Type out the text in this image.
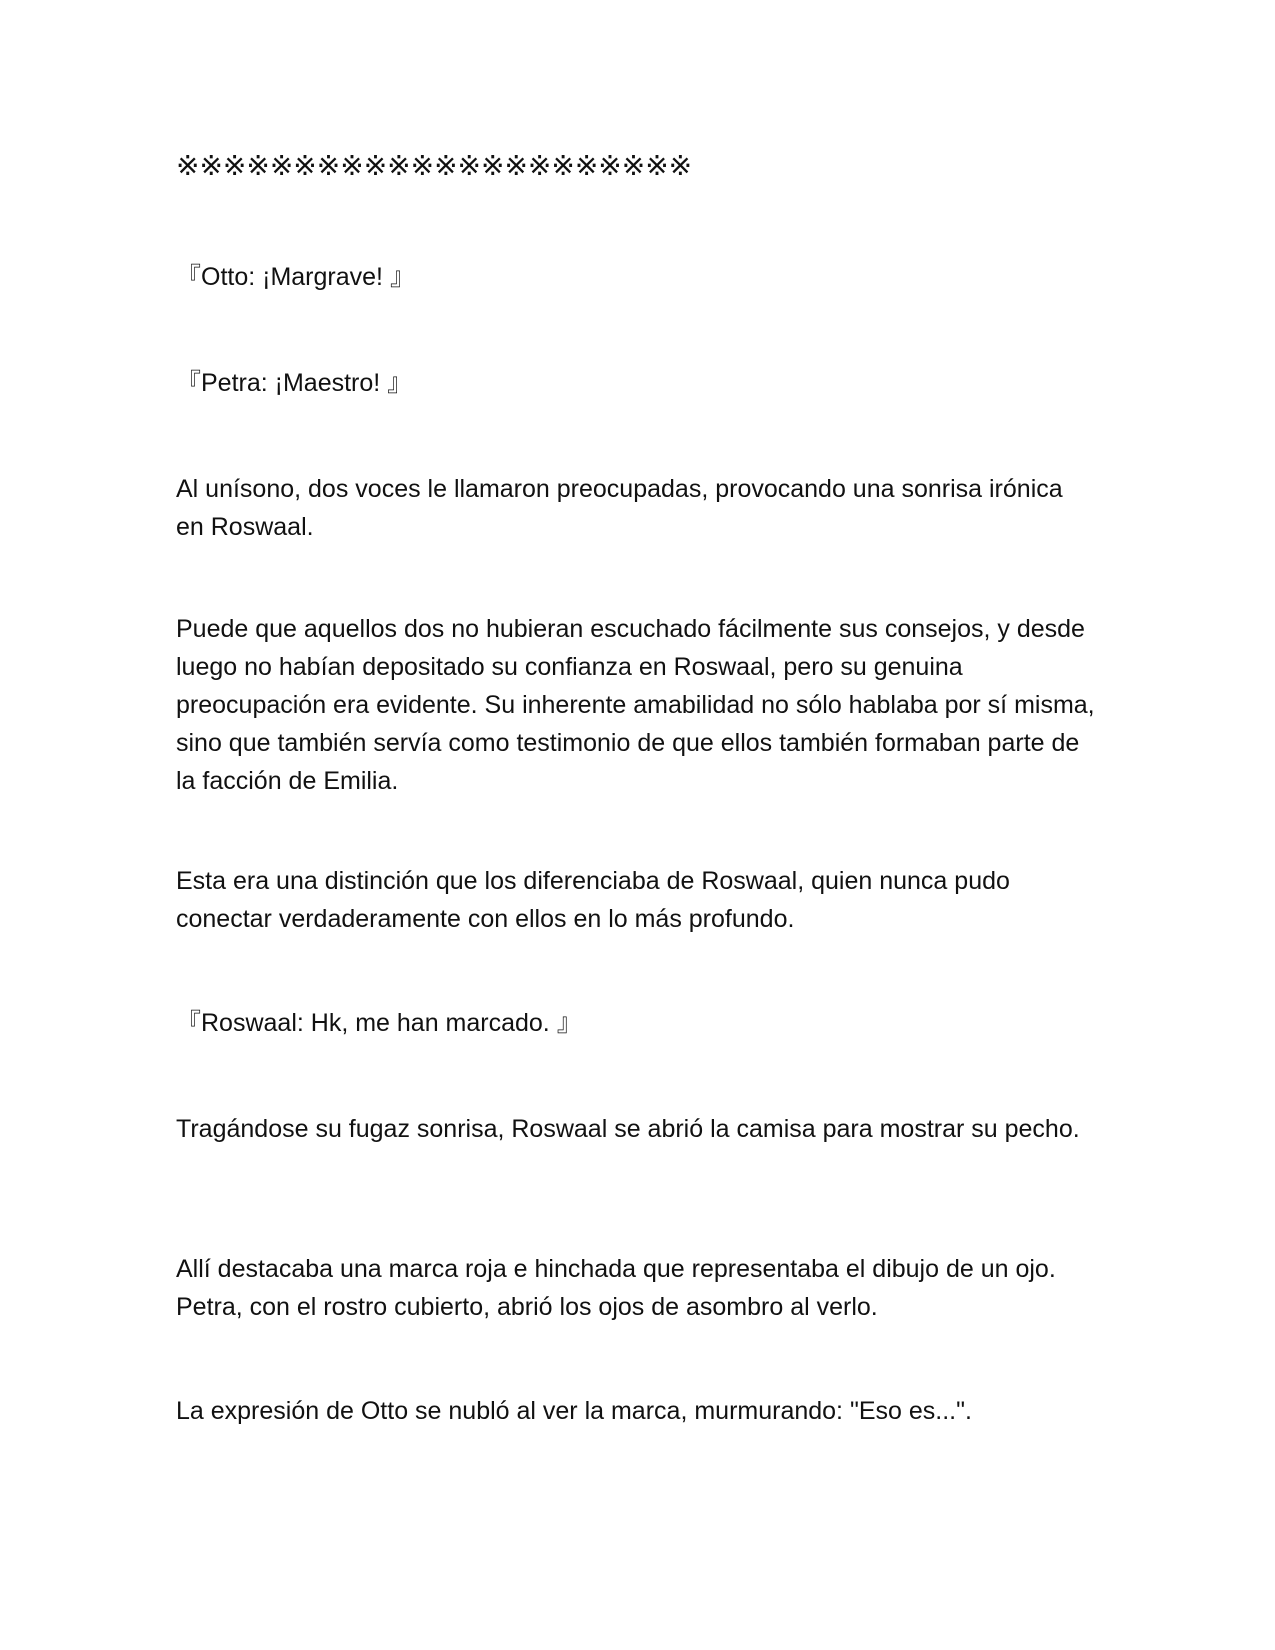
※※※※※※※※※※※※※※※※※※※※※※

『Otto: ¡Margrave! 』

『Petra: ¡Maestro! 』

Al unísono, dos voces le llamaron preocupadas, provocando una sonrisa irónica en Roswaal.

Puede que aquellos dos no hubieran escuchado fácilmente sus consejos, y desde luego no habían depositado su confianza en Roswaal, pero su genuina preocupación era evidente. Su inherente amabilidad no sólo hablaba por sí misma, sino que también servía como testimonio de que ellos también formaban parte de la facción de Emilia.

Esta era una distinción que los diferenciaba de Roswaal, quien nunca pudo conectar verdaderamente con ellos en lo más profundo.

『Roswaal: Hk, me han marcado. 』

Tragándose su fugaz sonrisa, Roswaal se abrió la camisa para mostrar su pecho.

Allí destacaba una marca roja e hinchada que representaba el dibujo de un ojo. Petra, con el rostro cubierto, abrió los ojos de asombro al verlo.

La expresión de Otto se nubló al ver la marca, murmurando: "Eso es...".
